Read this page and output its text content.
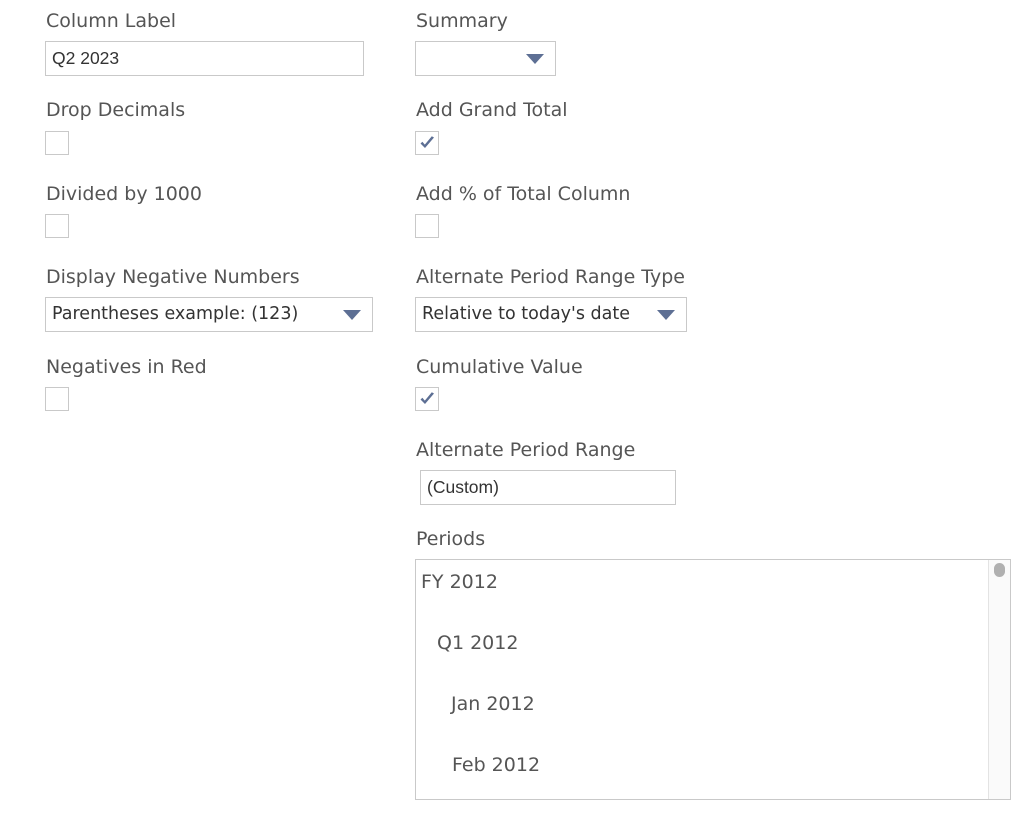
Column Label
Q2 2023
Drop Decimals
Divided by 1000
Display Negative Numbers
Parentheses example: (123)
Negatives in Red
Summary
Add Grand Total
Add % of Total Column
Alternate Period Range Type
Relative to today's date
Cumulative Value
Alternate Period Range
(Custom)
Periods
FY 2012
Q1 2012
Jan 2012
Feb 2012
